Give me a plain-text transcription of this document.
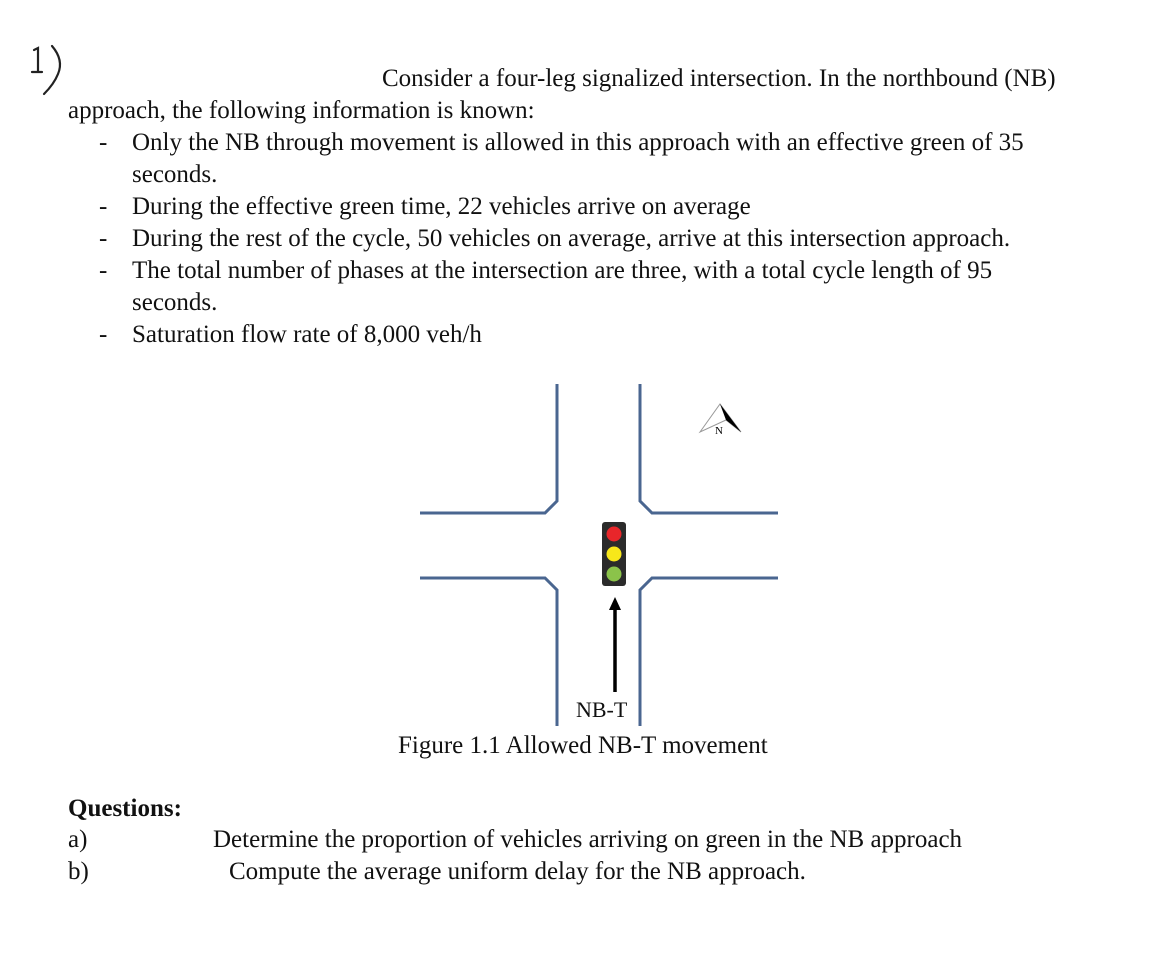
Consider a four-leg signalized intersection. In the northbound (NB)
approach, the following information is known:
- Only the NB through movement is allowed in this approach with an effective green of 35
seconds.
- During the effective green time, 22 vehicles arrive on average
- During the rest of the cycle, 50 vehicles on average, arrive at this intersection approach.
- The total number of phases at the intersection are three, with a total cycle length of 95
seconds.
- Saturation flow rate of 8,000 veh/h
N
NB-T
Figure 1.1 Allowed NB-T movement
Questions:
a)	Determine the proportion of vehicles arriving on green in the NB approach
b)	Compute the average uniform delay for the NB approach.
